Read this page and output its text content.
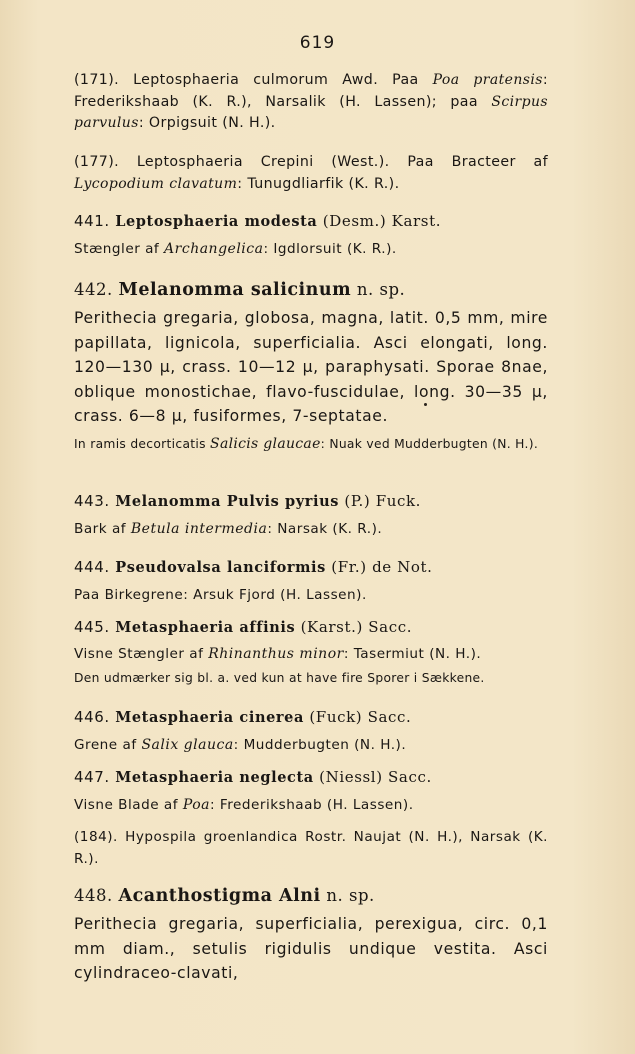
619

(171). Leptosphaeria culmorum Awd. Paa Poa pratensis: Frederikshaab (K. R.), Narsalik (H. Lassen); paa Scirpus parvulus: Orpigsuit (N. H.).

(177). Leptosphaeria Crepini (West.). Paa Bracteer af Lycopodium clavatum: Tunugdliarfik (K. R.).

441. Leptosphaeria modesta (Desm.) Karst.

Stængler af Archangelica: Igdlorsuit (K. R.).

442. Melanomma salicinum n. sp.

Perithecia gregaria, globosa, magna, latit. 0,5 mm, mire papillata, lignicola, superficialia. Asci elongati, long. 120—130 μ, crass. 10—12 μ, paraphysati. Sporae 8nae, oblique monostichae, flavo-fuscidulae, long. 30—35 μ, crass. 6—8 μ, fusiformes, 7-septatae.

In ramis decorticatis Salicis glaucae: Nuak ved Mudderbugten (N. H.).

443. Melanomma Pulvis pyrius (P.) Fuck.

Bark af Betula intermedia: Narsak (K. R.).

444. Pseudovalsa lanciformis (Fr.) de Not.

Paa Birkegrene: Arsuk Fjord (H. Lassen).

445. Metasphaeria affinis (Karst.) Sacc.

Visne Stængler af Rhinanthus minor: Tasermiut (N. H.).

Den udmærker sig bl. a. ved kun at have fire Sporer i Sækkene.

446. Metasphaeria cinerea (Fuck) Sacc.

Grene af Salix glauca: Mudderbugten (N. H.).

447. Metasphaeria neglecta (Niessl) Sacc.

Visne Blade af Poa: Frederikshaab (H. Lassen).

(184). Hypospila groenlandica Rostr. Naujat (N. H.), Narsak (K. R.).

448. Acanthostigma Alni n. sp.

Perithecia gregaria, superficialia, perexigua, circ. 0,1 mm diam., setulis rigidulis undique vestita. Asci cylindraceo-clavati,
